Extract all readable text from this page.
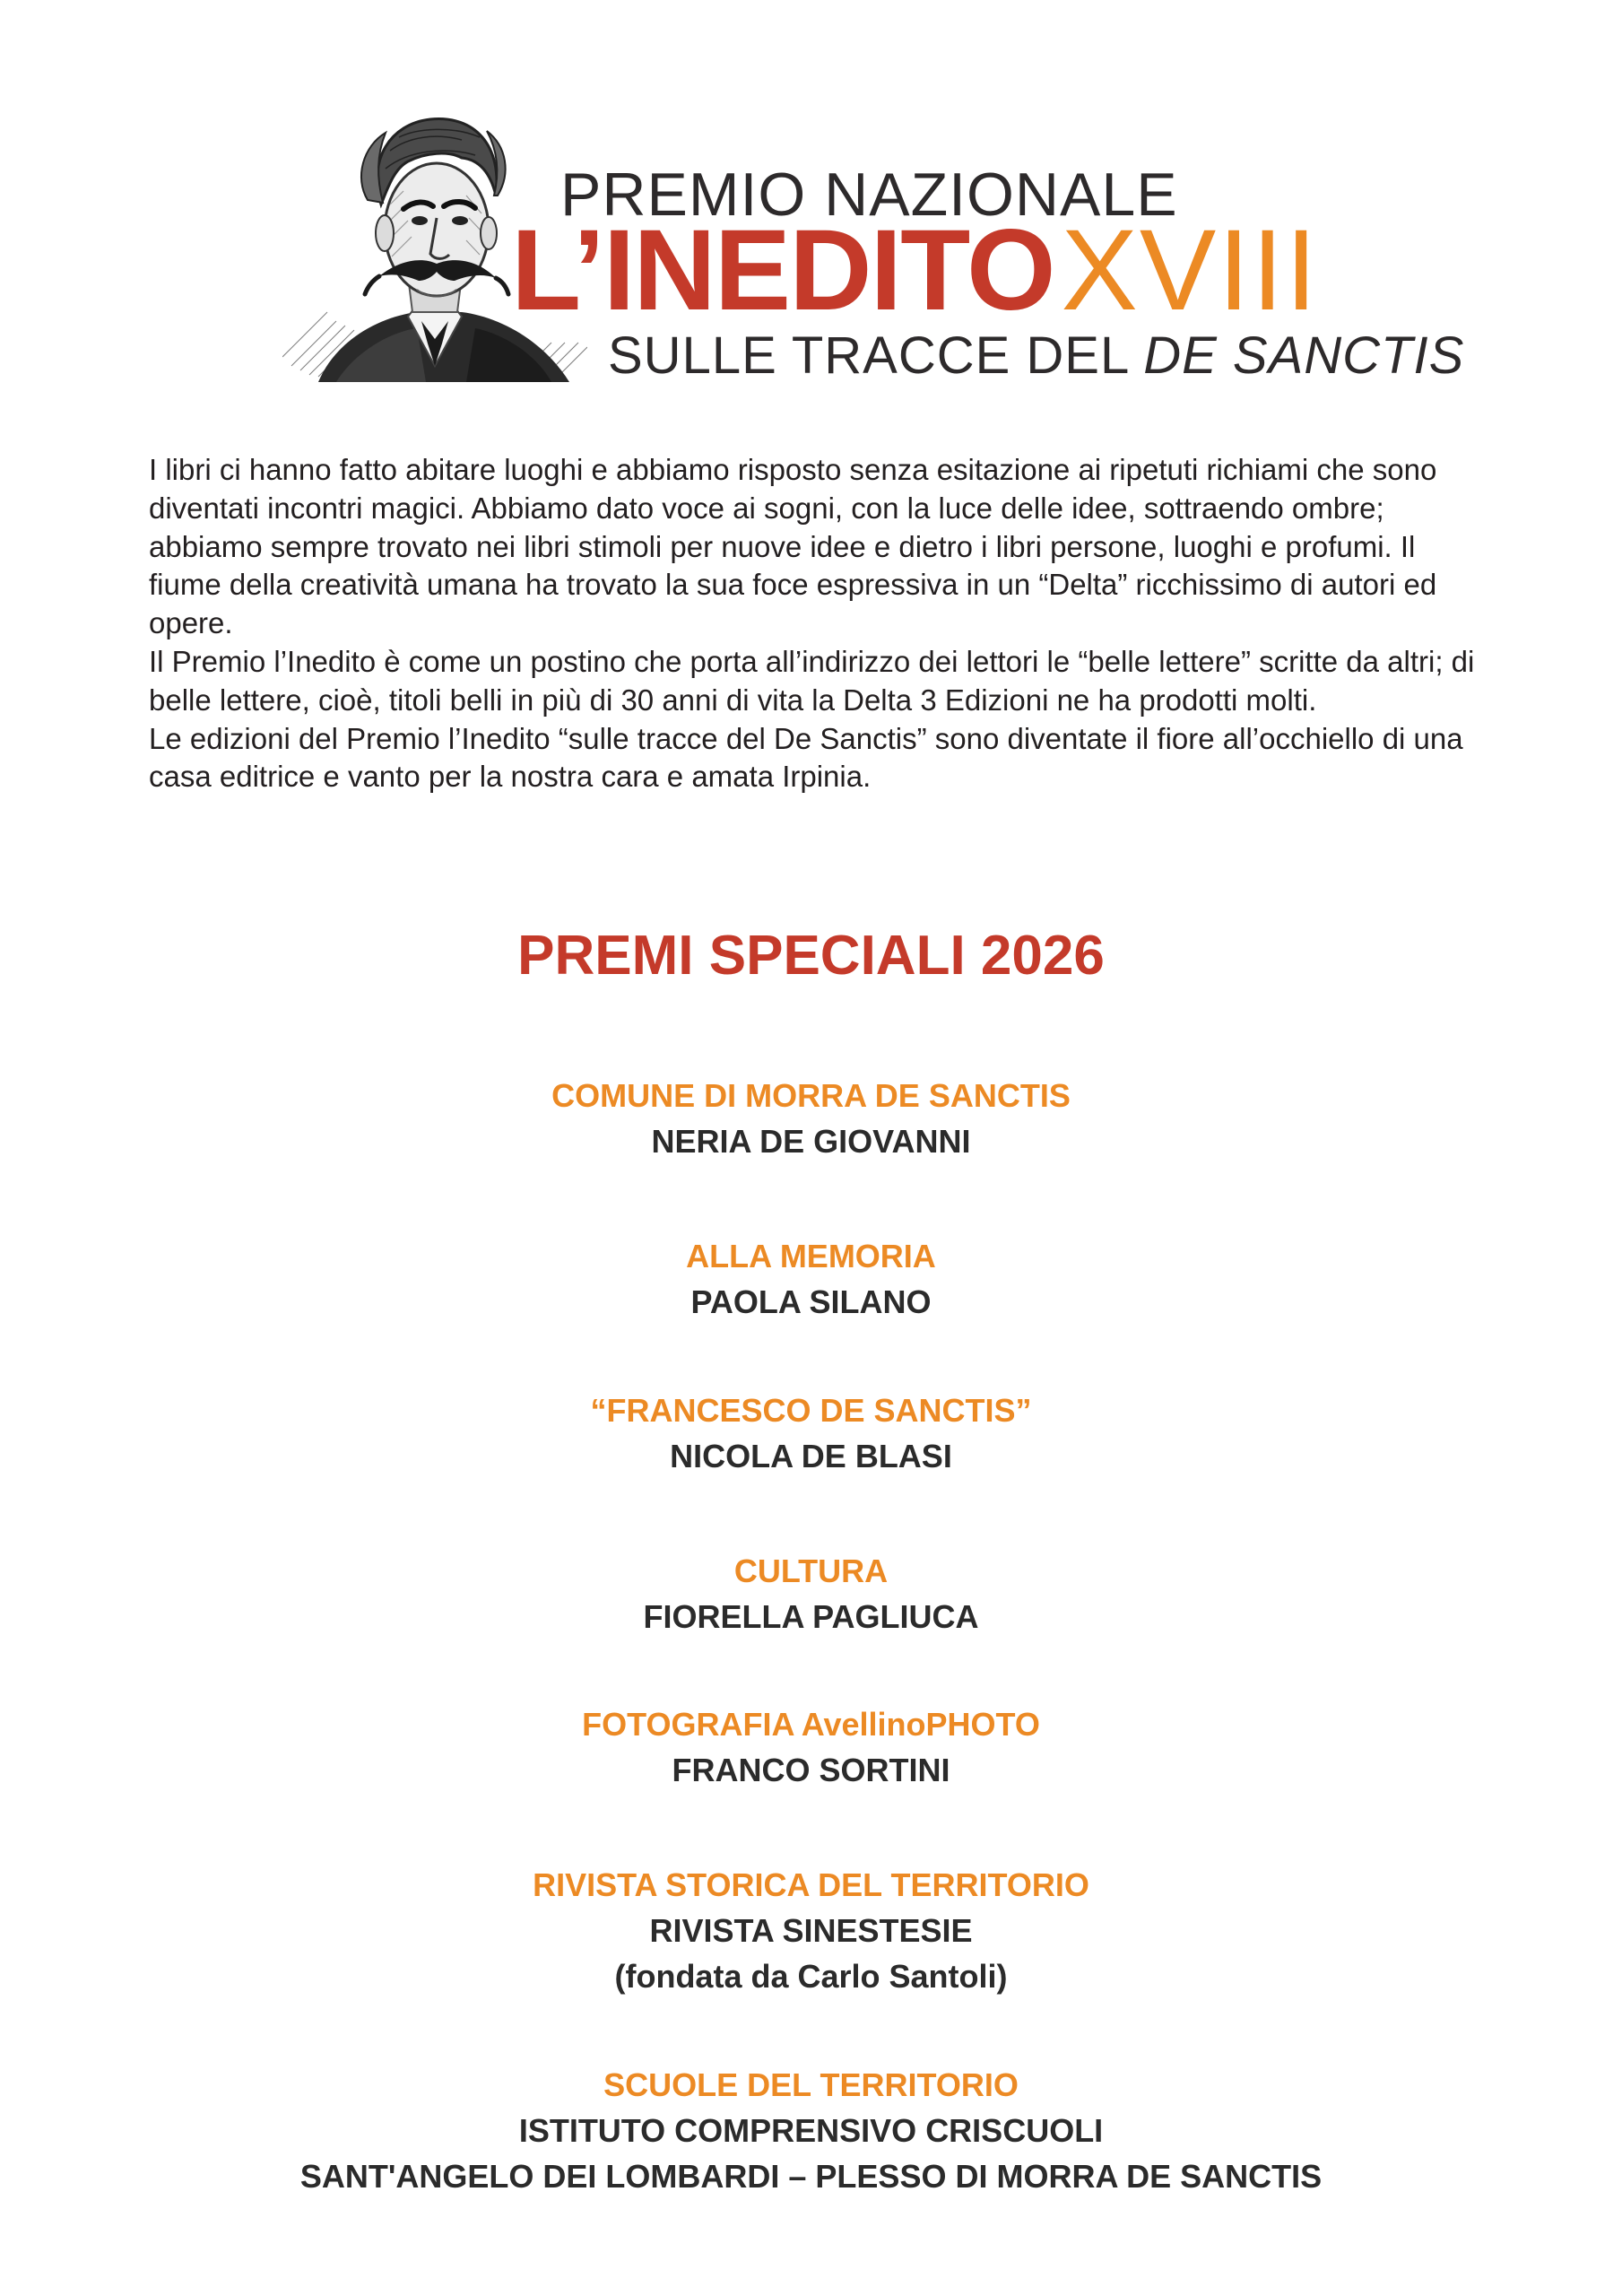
PREMIO NAZIONALE
L’INEDITOXVIII
SULLE TRACCE DEL DE SANCTIS

I libri ci hanno fatto abitare luoghi e abbiamo risposto senza esitazione ai ripetuti richiami che sono diventati incontri magici. Abbiamo dato voce ai sogni, con la luce delle idee, sottraendo ombre; abbiamo sempre trovato nei libri stimoli per nuove idee e dietro i libri persone, luoghi e profumi. Il fiume della creatività umana ha trovato la sua foce espressiva in un “Delta” ricchissimo di autori ed opere.

Il Premio l’Inedito è come un postino che porta all’indirizzo dei lettori le “belle lettere” scritte da altri; di belle lettere, cioè, titoli belli in più di 30 anni di vita la Delta 3 Edizioni ne ha prodotti molti.

Le edizioni del Premio l’Inedito “sulle tracce del De Sanctis” sono diventate il fiore all’occhiello di una casa editrice e vanto per la nostra cara e amata Irpinia.

PREMI SPECIALI 2026
COMUNE DI MORRA DE SANCTIS
NERIA DE GIOVANNI
ALLA MEMORIA
PAOLA SILANO
“FRANCESCO DE SANCTIS”
NICOLA DE BLASI
CULTURA
FIORELLA PAGLIUCA
FOTOGRAFIA AvellinoPHOTO
FRANCO SORTINI
RIVISTA STORICA DEL TERRITORIO
RIVISTA SINESTESIE
(fondata da Carlo Santoli)
SCUOLE DEL TERRITORIO
ISTITUTO COMPRENSIVO CRISCUOLI
SANT'ANGELO DEI LOMBARDI – PLESSO DI MORRA DE SANCTIS
